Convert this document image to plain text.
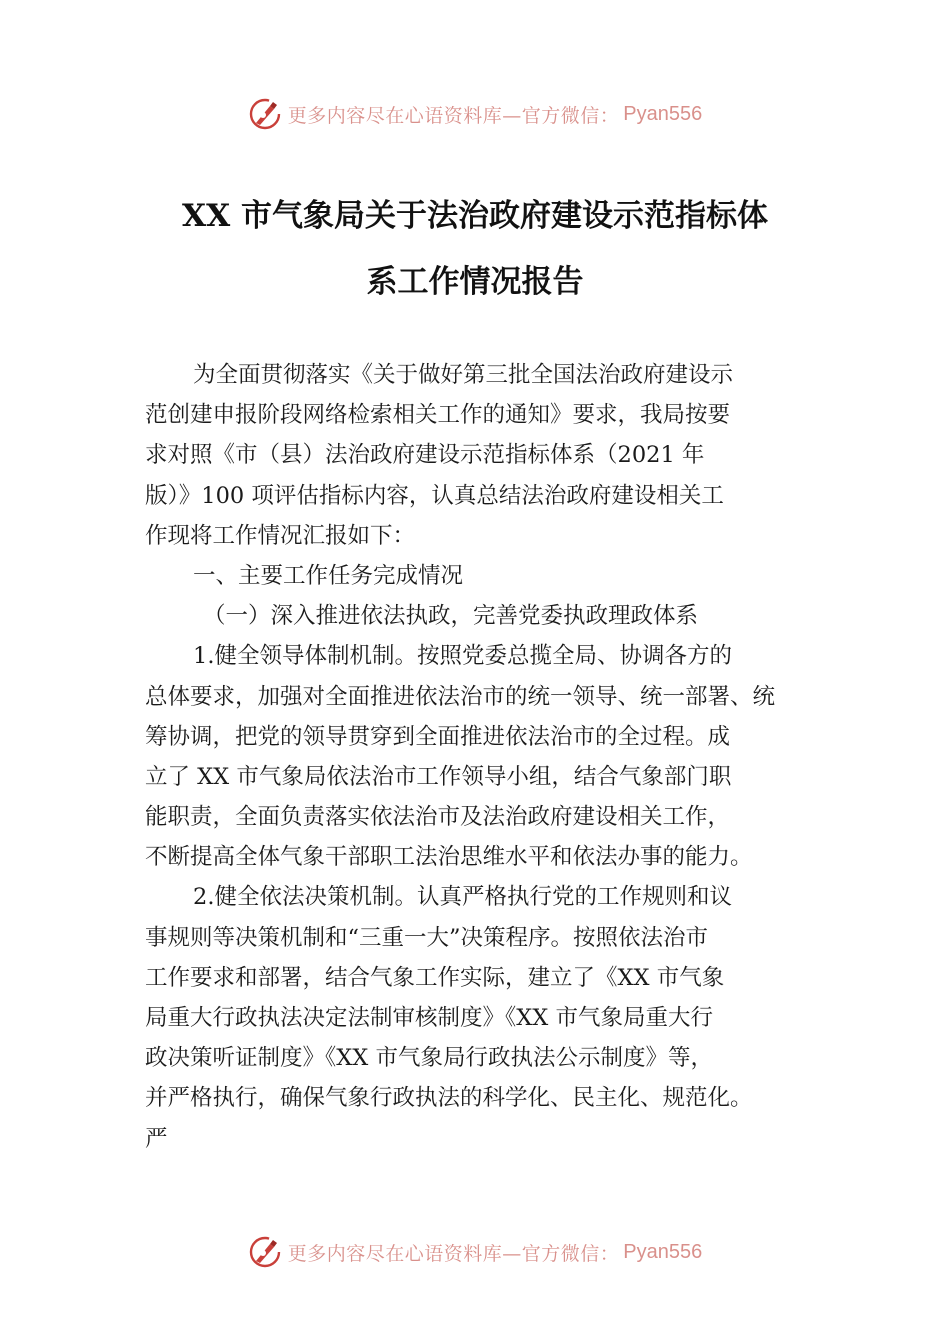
更多内容尽在心语资料库—官方微信： Pyan556
XX 市气象局关于法治政府建设示范指标体
系工作情况报告
为全面贯彻落实《关于做好第三批全国法治政府建设示
范创建申报阶段网络检索相关工作的通知》要求，我局按要
求对照《市（县）法治政府建设示范指标体系（2021 年
版）》100 项评估指标内容，认真总结法治政府建设相关工
作现将工作情况汇报如下：
一、主要工作任务完成情况
（一）深入推进依法执政，完善党委执政理政体系
1.健全领导体制机制。按照党委总揽全局、协调各方的
总体要求，加强对全面推进依法治市的统一领导、统一部署、统
筹协调，把党的领导贯穿到全面推进依法治市的全过程。成
立了 XX 市气象局依法治市工作领导小组，结合气象部门职
能职责，全面负责落实依法治市及法治政府建设相关工作，
不断提高全体气象干部职工法治思维水平和依法办事的能力。
2.健全依法决策机制。认真严格执行党的工作规则和议
事规则等决策机制和“三重一大”决策程序。按照依法治市
工作要求和部署，结合气象工作实际，建立了《XX 市气象
局重大行政执法决定法制审核制度》《XX 市气象局重大行
政决策听证制度》《XX 市气象局行政执法公示制度》等，
并严格执行，确保气象行政执法的科学化、民主化、规范化。
严
更多内容尽在心语资料库—官方微信： Pyan556
